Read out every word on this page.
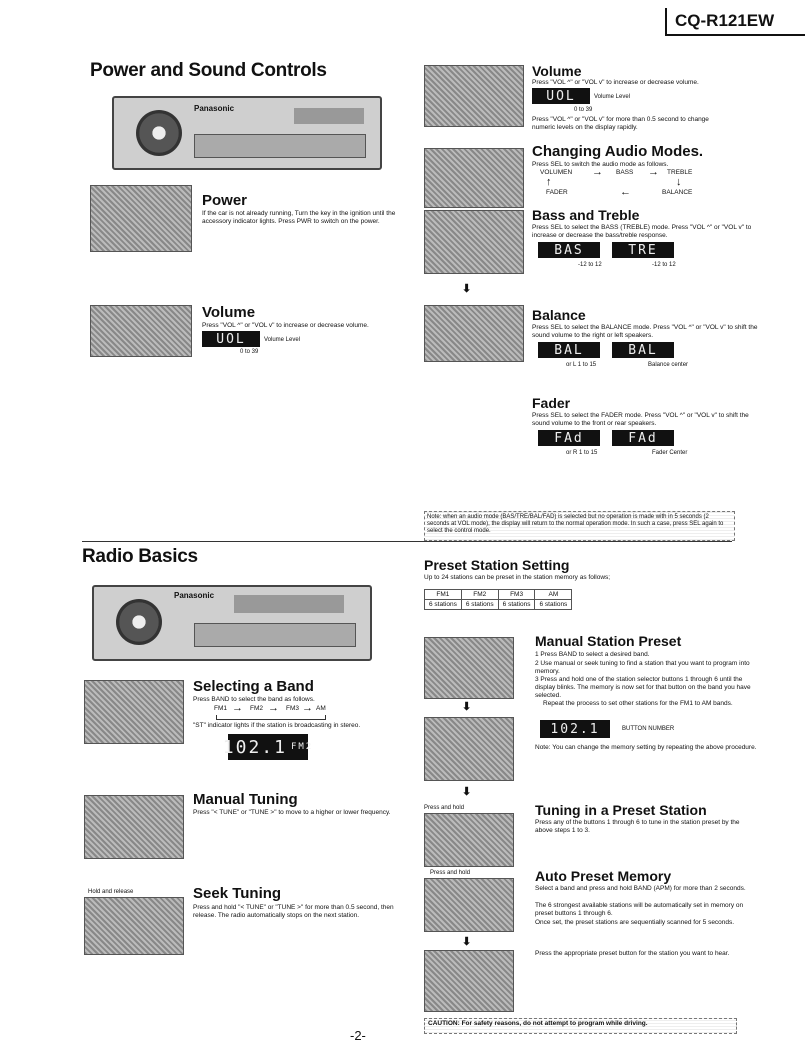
CQ-R121EW
Power and Sound Controls
Panasonic
Power
If the car is not already running, Turn the key in the ignition until the accessory indicator lights. Press PWR to switch on the power.
Volume
Press "VOL ^" or "VOL v" to increase or decrease volume.
UOL	Volume Level
0 to 39
Volume
Press "VOL ^" or "VOL v" to increase or decrease volume.
UOL	Volume Level
0 to 39
Press "VOL ^" or "VOL v" for more than 0.5 second to change numeric levels on the display rapidly.
Changing Audio Modes.
Press SEL to switch the audio mode as follows.
VOLUMEN → BASS → TREBLE
↑	↓
FADER	←	BALANCE
Bass and Treble
Press SEL to select the BASS (TREBLE) mode. Press "VOL ^" or "VOL v" to increase or decrease the bass/treble response.
BAS	TRE
-12 to 12	-12 to 12
⬇
Balance
Press SEL to select the BALANCE mode. Press "VOL ^" or "VOL v" to shift the sound volume to the right or left speakers.
BAL	BAL
or L 1 to 15	Balance center
Fader
Press SEL to select the FADER mode. Press "VOL ^" or "VOL v" to shift the sound volume to the front or rear speakers.
FAd	FAd
or R 1 to 15	Fader Center
Note: when an audio mode (BAS/TRE/BAL/FAD) is selected but no operation is made with in 5 seconds (2 seconds at VOL mode), the display will return to the normal operation mode. In such a case, press SEL again to select the control mode.
Radio Basics
Panasonic
Selecting a Band
Press BAND to select the band as follows.
FM1 → FM2 → FM3 → AM
"ST" indicator lights if the station is broadcasting in stereo.
102.1 FM2
Manual Tuning
Press "< TUNE" or "TUNE >" to move to a higher or lower frequency.
Hold and release	Seek Tuning
Press and hold "< TUNE" or "TUNE >" for more than 0.5 second, then release. The radio automatically stops on the next station.
Preset Station Setting
Up to 24 stations can be preset in the station memory as follows;
FM1	FM2	FM3	AM
6 stations	6 stations	6 stations	6 stations
⬇
⬇
Manual Station Preset
1 Press BAND to select a desired band.
2 Use manual or seek tuning to find a station that you want to program into memory.
3 Press and hold one of the station selector buttons 1 through 6 until the display blinks. The memory is now set for that button on the band you have selected.
Repeat the process to set other stations for the FM1 to AM bands.
102.1	BUTTON NUMBER
Note: You can change the memory setting by repeating the above procedure.
Press and hold	Tuning in a Preset Station
Press any of the buttons 1 through 6 to tune in the station preset by the above steps 1 to 3.
Press and hold
⬇
Auto Preset Memory
Select a band and press and hold BAND (APM) for more than 2 seconds.
The 6 strongest available stations will be automatically set in memory on preset buttons 1 through 6.
Once set, the preset stations are sequentially scanned for 5 seconds.
Press the appropriate preset button for the station you want to hear.
CAUTION: For safety reasons, do not attempt to program while driving.
-2-
